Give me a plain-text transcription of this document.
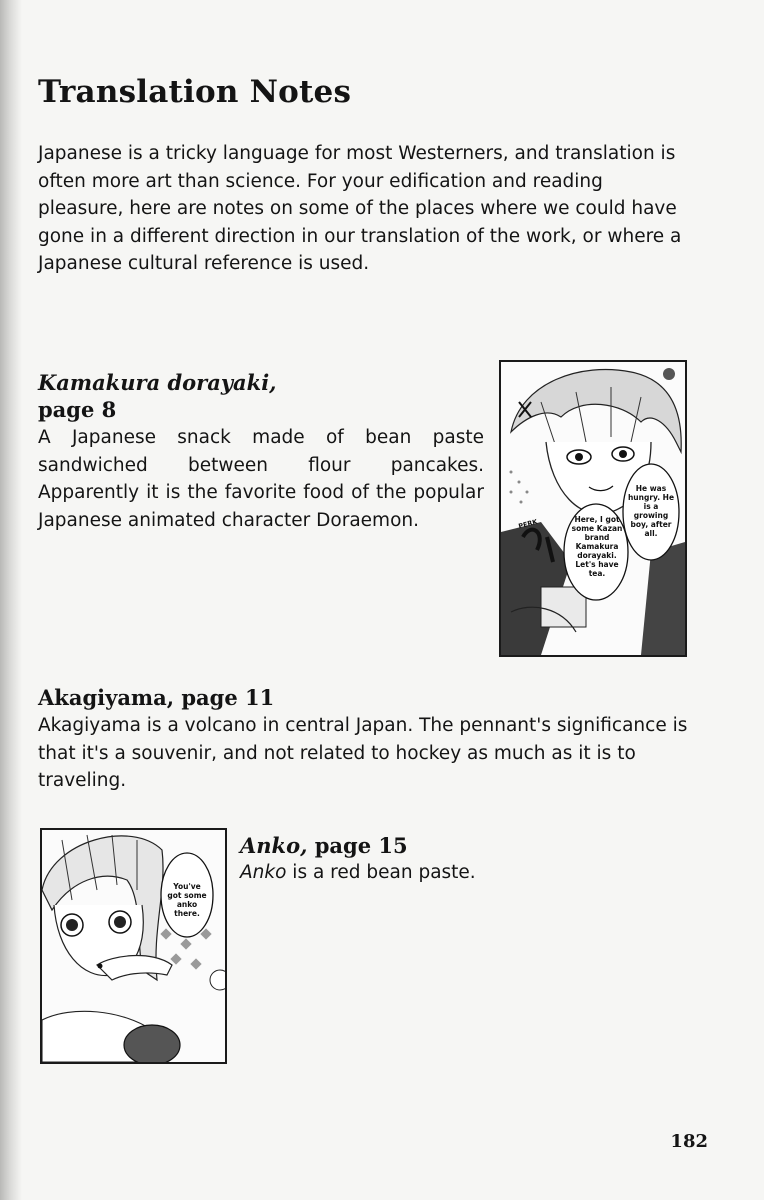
Translation Notes
Japanese is a tricky language for most Westerners, and translation is often more art than science. For your edification and reading pleasure, here are notes on some of the places where we could have gone in a different direction in our translation of the work, or where a Japanese cultural reference is used.
Kamakura dorayaki,
page 8
A Japanese snack made of bean paste sandwiched between flour pancakes. Apparently it is the favorite food of the popular Japanese animated character Doraemon.	Here, I got some Kazan brand Kamakura dorayaki. Let's have tea.
He was hungry. He is a growing boy, after all.
PERK
Akagiyama, page 11
Akagiyama is a volcano in central Japan. The pennant's significance is that it's a souvenir, and not related to hockey as much as it is to traveling.
You've got some anko there.
Anko, page 15
Anko is a red bean paste.
182
